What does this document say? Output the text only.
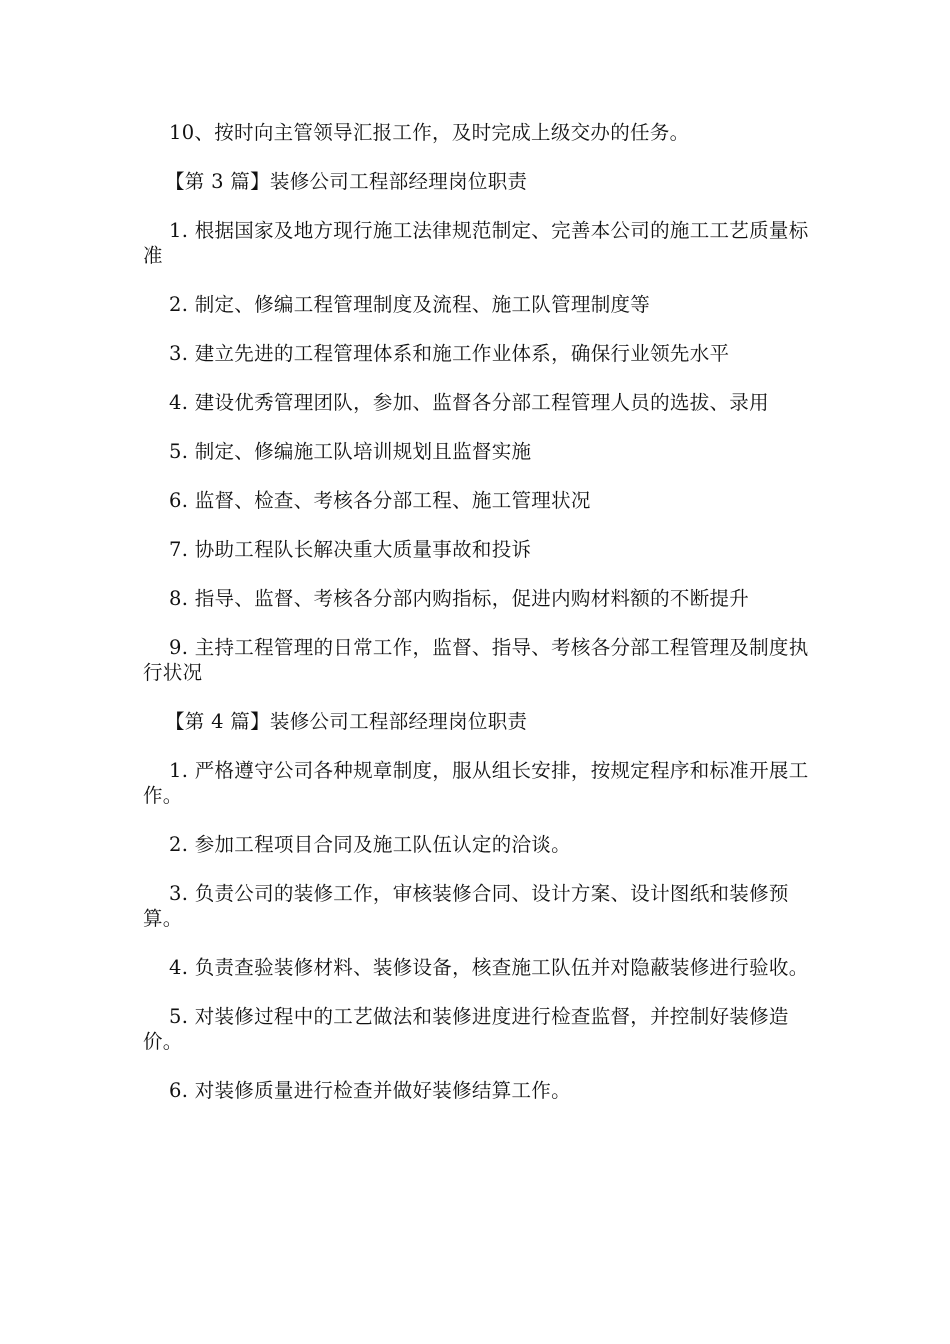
10、按时向主管领导汇报工作，及时完成上级交办的任务。

【第 3 篇】装修公司工程部经理岗位职责

1. 根据国家及地方现行施工法律规范制定、完善本公司的施工工艺质量标准

2. 制定、修编工程管理制度及流程、施工队管理制度等

3. 建立先进的工程管理体系和施工作业体系，确保行业领先水平

4. 建设优秀管理团队，参加、监督各分部工程管理人员的选拔、录用

5. 制定、修编施工队培训规划且监督实施

6. 监督、检查、考核各分部工程、施工管理状况

7. 协助工程队长解决重大质量事故和投诉

8. 指导、监督、考核各分部内购指标，促进内购材料额的不断提升

9. 主持工程管理的日常工作，监督、指导、考核各分部工程管理及制度执行状况

【第 4 篇】装修公司工程部经理岗位职责

1. 严格遵守公司各种规章制度，服从组长安排，按规定程序和标准开展工作。

2. 参加工程项目合同及施工队伍认定的洽谈。

3. 负责公司的装修工作，审核装修合同、设计方案、设计图纸和装修预算。

4. 负责查验装修材料、装修设备，核查施工队伍并对隐蔽装修进行验收。

5. 对装修过程中的工艺做法和装修进度进行检查监督，并控制好装修造价。

6. 对装修质量进行检查并做好装修结算工作。
